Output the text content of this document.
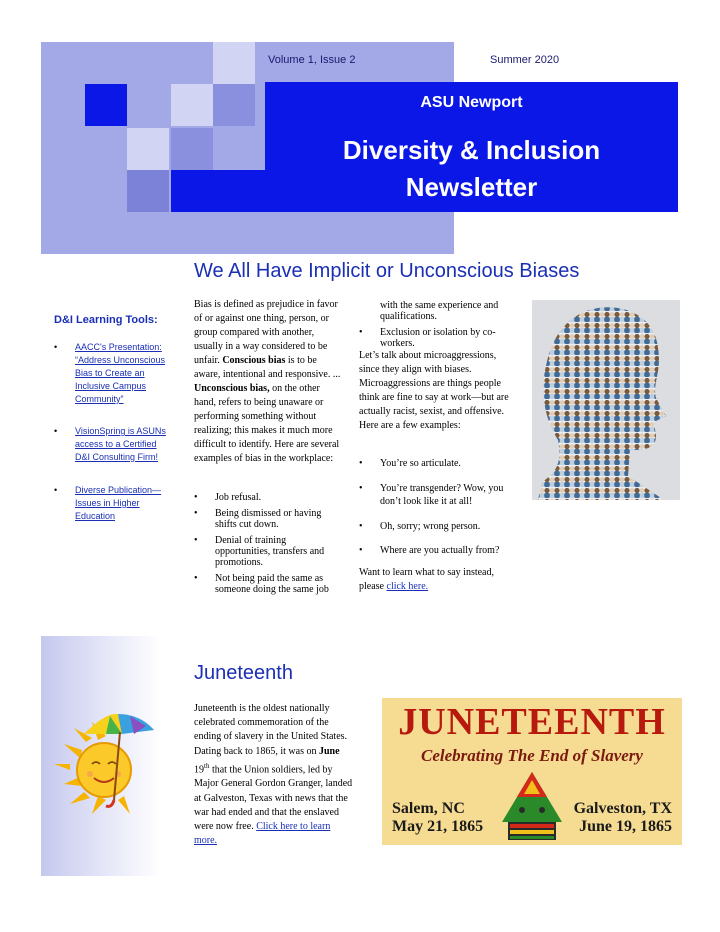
Volume 1, Issue 2	Summer 2020
ASU Newport
Diversity & Inclusion
Newsletter
We All Have Implicit or Unconscious Biases
D&I Learning Tools:
• AACC's Presentation: “Address Unconscious Bias to Create an Inclusive Campus Community”
• VisionSpring is ASUNs access to a Certified D&I Consulting Firm!
• Diverse Publication—Issues in Higher Education
Bias is defined as prejudice in favor of or against one thing, person, or group compared with another, usually in a way considered to be unfair. Conscious bias is to be aware, intentional and responsive. ... Unconscious bias, on the other hand, refers to being unaware or performing something without realizing; this makes it much more difficult to identify. Here are several examples of bias in the workplace:
• Job refusal.
• Being dismissed or having shifts cut down.
• Denial of training opportunities, transfers and promotions.
• Not being paid the same as someone doing the same job
with the same experience and qualifications.
• Exclusion or isolation by co-workers.
Let’s talk about microaggressions, since they align with biases. Microaggressions are things people think are fine to say at work—but are actually racist, sexist, and offensive. Here are a few examples:
• You’re so articulate.
• You’re transgender? Wow, you don’t look like it at all!
• Oh, sorry; wrong person.
• Where are you actually from?
Want to learn what to say instead, please click here.
Juneteenth
Juneteenth is the oldest nationally celebrated commemoration of the ending of slavery in the United States. Dating back to 1865, it was on June 19th that the Union soldiers, led by Major General Gordon Granger, landed at Galveston, Texas with news that the war had ended and that the enslaved were now free. Click here to learn more.
JUNETEENTH
Celebrating The End of Slavery
Salem, NC
May 21, 1865
Galveston, TX
June 19, 1865
